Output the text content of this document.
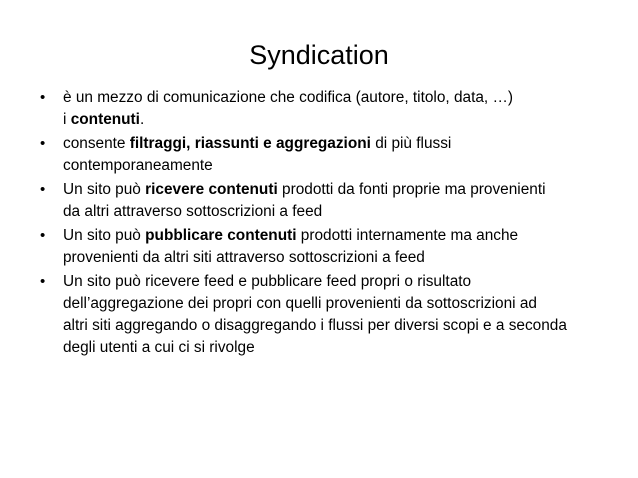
Syndication
•	è un mezzo di comunicazione che codifica (autore, titolo, data, …)
i contenuti.
•	consente filtraggi, riassunti e aggregazioni di più flussi
contemporaneamente
•	Un sito può ricevere contenuti prodotti da fonti proprie ma provenienti
da altri attraverso sottoscrizioni a feed
•	Un sito può pubblicare contenuti prodotti internamente ma anche
provenienti da altri siti attraverso sottoscrizioni a feed
•	Un sito può ricevere feed e pubblicare feed propri o risultato
dell’aggregazione dei propri con quelli provenienti da sottoscrizioni ad
altri siti aggregando o disaggregando i flussi per diversi scopi e a seconda
degli utenti a cui ci si rivolge
